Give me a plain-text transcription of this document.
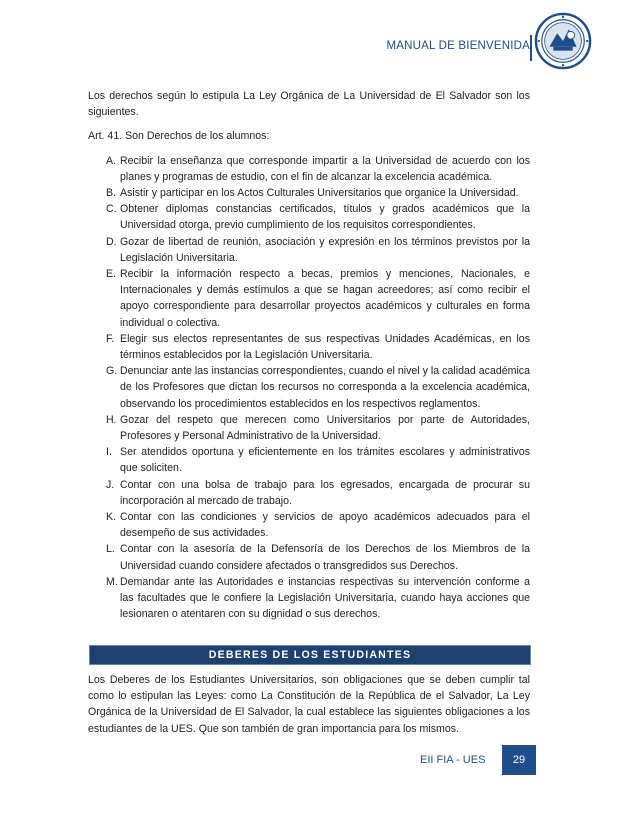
MANUAL DE BIENVENIDA

Los derechos según lo estipula La Ley Orgánica de La Universidad de El Salvador son los siguientes.

Art. 41. Son Derechos de los alumnos:

A. Recibir la enseñanza que corresponde impartir a la Universidad de acuerdo con los planes y programas de estudio, con el fin de alcanzar la excelencia académica.
B. Asistir y participar en los Actos Culturales Universitarios que organice la Universidad.
C. Obtener diplomas constancias certificados, títulos y grados académicos que la Universidad otorga, previo cumplimiento de los requisitos correspondientes.
D. Gozar de libertad de reunión, asociación y expresión en los términos previstos por la Legislación Universitaria.
E. Recibir la información respecto a becas, premios y menciones, Nacionales, e Internacionales y demás estímulos a que se hagan acreedores; así como recibir el apoyo correspondiente para desarrollar proyectos académicos y culturales en forma individual o colectiva.
F. Elegir sus electos representantes de sus respectivas Unidades Académicas, en los términos establecidos por la Legislación Universitaria.
G. Denunciar ante las instancias correspondientes, cuando el nivel y la calidad académica de los Profesores que dictan los recursos no corresponda a la excelencia académica, observando los procedimientos establecidos en los respectivos reglamentos.
H. Gozar del respeto que merecen como Universitarios por parte de Autoridades, Profesores y Personal Administrativo de la Universidad.
I. Ser atendidos oportuna y eficientemente en los trámites escolares y administrativos que soliciten.
J. Contar con una bolsa de trabajo para los egresados, encargada de procurar su incorporación al mercado de trabajo.
K. Contar con las condiciones y servicios de apoyo académicos adecuados para el desempeño de sus actividades.
L. Contar con la asesoría de la Defensoría de los Derechos de los Miembros de la Universidad cuando considere afectados o transgredidos sus Derechos.
M. Demandar ante las Autoridades e instancias respectivas su intervención conforme a las facultades que le confiere la Legislación Universitaria, cuando haya acciones que lesionaren o atentaren con su dignidad o sus derechos.
DEBERES DE LOS ESTUDIANTES

Los Deberes de los Estudiantes Universitarios, son obligaciones que se deben cumplir tal como lo estipulan las Leyes: como La Constitución de la República de el Salvador, La Ley Orgánica de la Universidad de El Salvador, la cual establece las siguientes obligaciones a los estudiantes de la UES. Que son también de gran importancia para los mismos.

EII FIA - UES 29
